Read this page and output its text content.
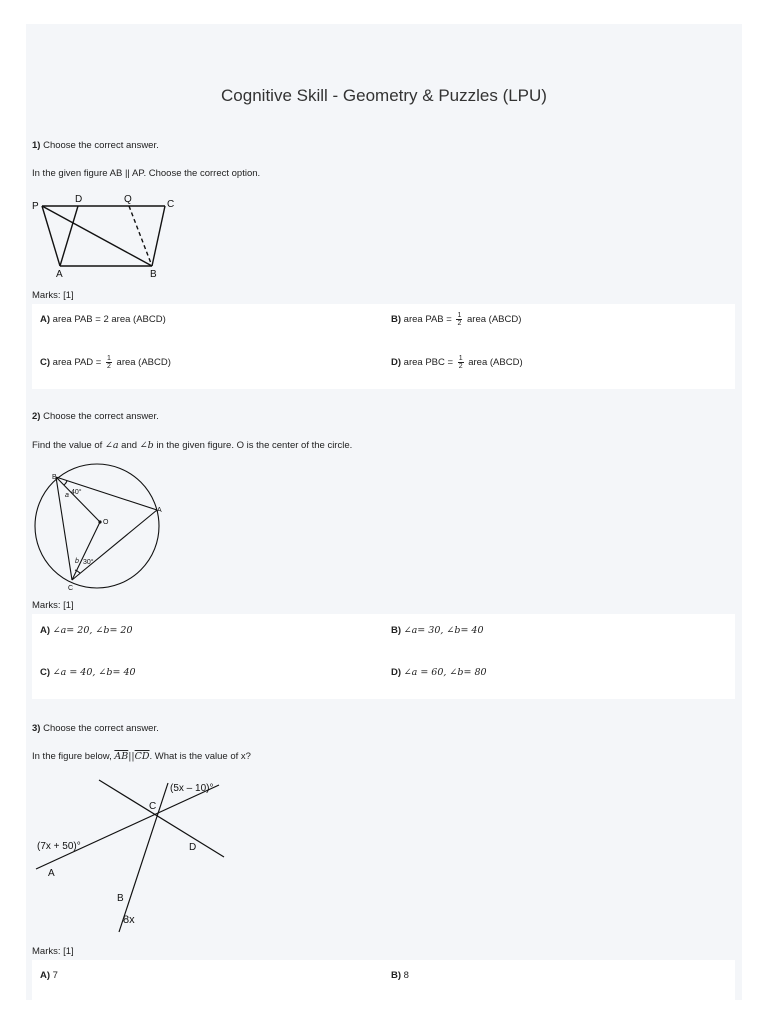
Cognitive Skill - Geometry & Puzzles (LPU)
1) Choose the correct answer.
In the given figure AB || AP. Choose the correct option.
P
D	Q	C
A	B
Marks: [1]
A) area PAB = 2 area (ABCD)	B) area PAB = $\frac{1}{2}$ area (ABCD)
C) area PAD = $\frac{1}{2}$ area (ABCD)	D) area PBC = $\frac{1}{2}$ area (ABCD)
2) Choose the correct answer.
Find the value of ∠a and ∠b in the given figure. O is the center of the circle.
B
A
O
C
a 40°
b 30°
Marks: [1]
A) ∠a= 20, ∠b= 20	B) ∠a= 30, ∠b= 40
C) ∠a = 40, ∠b= 40	D) ∠a = 60, ∠b= 80
3) Choose the correct answer.
In the figure below, $\overline{AB}||\overline{CD}$. What is the value of x?
(5x – 10)°
C
(7x + 50)°	D
A
B
8x
Marks: [1]
A) 7	B) 8
